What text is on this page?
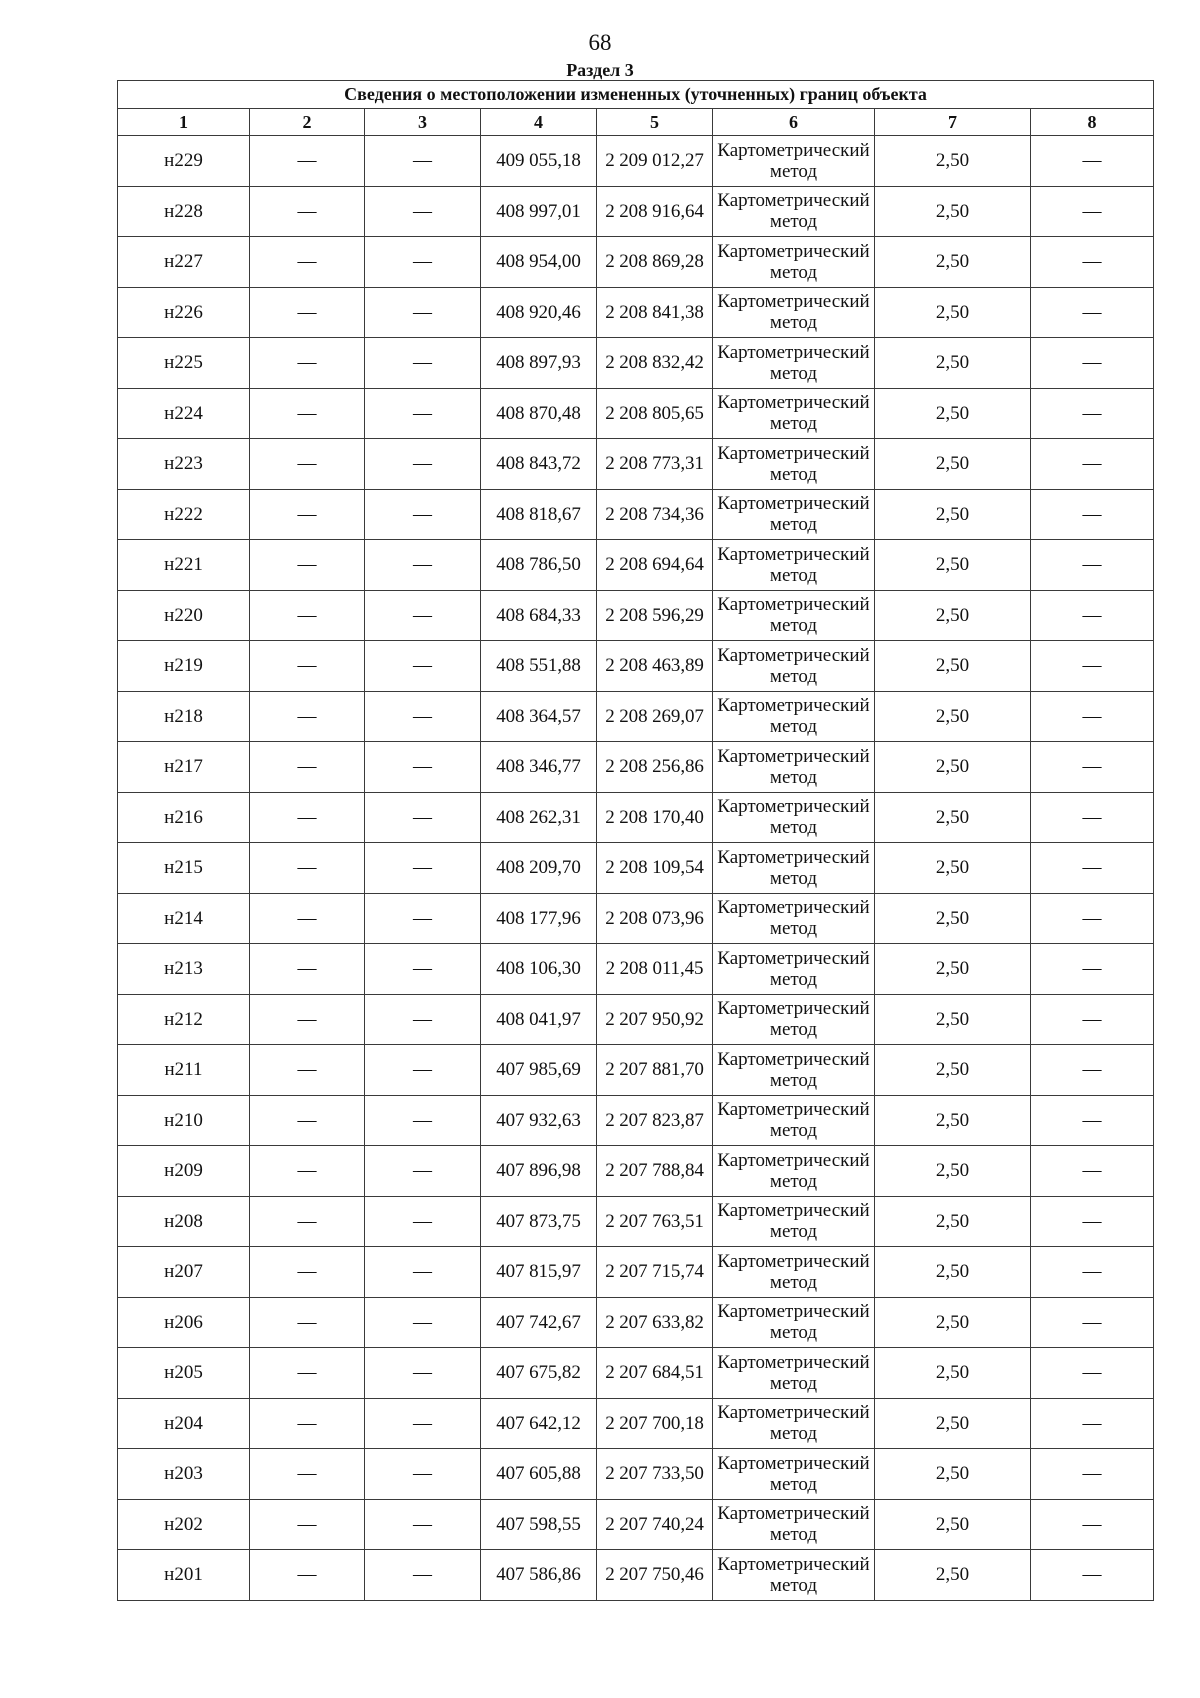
68
Раздел 3
Сведения о местоположении измененных (уточненных) границ объекта							
1	2	3	4	5	6	7	8
н229	—	—	409 055,18	2 209 012,27	Картометрический метод	2,50	—
н228	—	—	408 997,01	2 208 916,64	Картометрический метод	2,50	—
н227	—	—	408 954,00	2 208 869,28	Картометрический метод	2,50	—
н226	—	—	408 920,46	2 208 841,38	Картометрический метод	2,50	—
н225	—	—	408 897,93	2 208 832,42	Картометрический метод	2,50	—
н224	—	—	408 870,48	2 208 805,65	Картометрический метод	2,50	—
н223	—	—	408 843,72	2 208 773,31	Картометрический метод	2,50	—
н222	—	—	408 818,67	2 208 734,36	Картометрический метод	2,50	—
н221	—	—	408 786,50	2 208 694,64	Картометрический метод	2,50	—
н220	—	—	408 684,33	2 208 596,29	Картометрический метод	2,50	—
н219	—	—	408 551,88	2 208 463,89	Картометрический метод	2,50	—
н218	—	—	408 364,57	2 208 269,07	Картометрический метод	2,50	—
н217	—	—	408 346,77	2 208 256,86	Картометрический метод	2,50	—
н216	—	—	408 262,31	2 208 170,40	Картометрический метод	2,50	—
н215	—	—	408 209,70	2 208 109,54	Картометрический метод	2,50	—
н214	—	—	408 177,96	2 208 073,96	Картометрический метод	2,50	—
н213	—	—	408 106,30	2 208 011,45	Картометрический метод	2,50	—
н212	—	—	408 041,97	2 207 950,92	Картометрический метод	2,50	—
н211	—	—	407 985,69	2 207 881,70	Картометрический метод	2,50	—
н210	—	—	407 932,63	2 207 823,87	Картометрический метод	2,50	—
н209	—	—	407 896,98	2 207 788,84	Картометрический метод	2,50	—
н208	—	—	407 873,75	2 207 763,51	Картометрический метод	2,50	—
н207	—	—	407 815,97	2 207 715,74	Картометрический метод	2,50	—
н206	—	—	407 742,67	2 207 633,82	Картометрический метод	2,50	—
н205	—	—	407 675,82	2 207 684,51	Картометрический метод	2,50	—
н204	—	—	407 642,12	2 207 700,18	Картометрический метод	2,50	—
н203	—	—	407 605,88	2 207 733,50	Картометрический метод	2,50	—
н202	—	—	407 598,55	2 207 740,24	Картометрический метод	2,50	—
н201	—	—	407 586,86	2 207 750,46	Картометрический метод	2,50	—
